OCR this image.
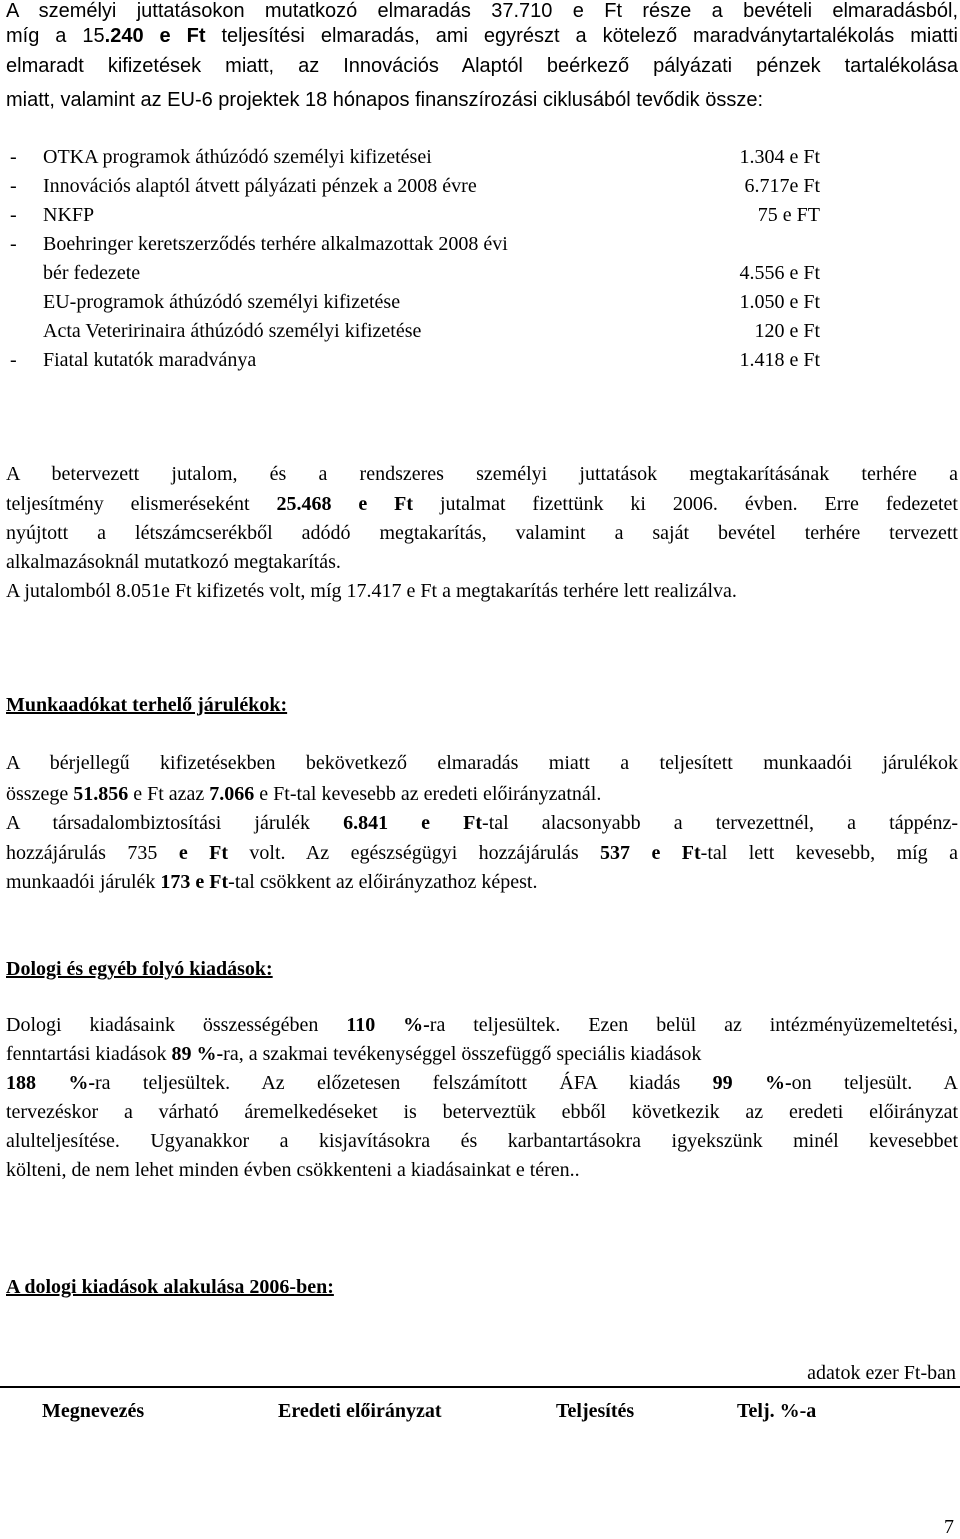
A személyi juttatásokon mutatkozó elmaradás 37.710 e Ft része a bevételi elmaradásból,
míg a 15.240 e Ft teljesítési elmaradás, ami egyrészt a kötelező maradványtartalékolás miatti
elmaradt kifizetések miatt, az Innovációs Alaptól beérkező pályázati pénzek tartalékolása
miatt, valamint az EU-6 projektek 18 hónapos finanszírozási ciklusából tevődik össze:
- OTKA programok áthúzódó személyi kifizetései	1.304 e Ft
- Innovációs alaptól átvett pályázati pénzek a 2008 évre	6.717e Ft
- NKFP	75 e FT
- Boehringer keretszerződés terhére alkalmazottak 2008 évi
bér fedezete	4.556 e Ft
EU-programok áthúzódó személyi kifizetése	1.050 e Ft
Acta Veteririnaira áthúzódó személyi kifizetése	120 e Ft
- Fiatal kutatók maradványa	1.418 e Ft
A betervezett jutalom, és a rendszeres személyi juttatások megtakarításának terhére a
teljesítmény elismeréseként 25.468 e Ft jutalmat fizettünk ki 2006. évben. Erre fedezetet
nyújtott a létszámcserékből adódó megtakarítás, valamint a saját bevétel terhére tervezett
alkalmazásoknál mutatkozó megtakarítás.
A jutalomból 8.051e Ft kifizetés volt, míg 17.417 e Ft a megtakarítás terhére lett realizálva.
Munkaadókat terhelő járulékok:
A bérjellegű kifizetésekben bekövetkező elmaradás miatt a teljesített munkaadói járulékok
összege 51.856 e Ft azaz 7.066 e Ft-tal kevesebb az eredeti előirányzatnál.
A társadalombiztosítási járulék 6.841 e Ft-tal alacsonyabb a tervezettnél, a táppénz-
hozzájárulás 735 e Ft volt. Az egészségügyi hozzájárulás 537 e Ft-tal lett kevesebb, míg a
munkaadói járulék 173 e Ft-tal csökkent az előirányzathoz képest.
Dologi és egyéb folyó kiadások:
Dologi kiadásaink összességében 110 %-ra teljesültek. Ezen belül az intézményüzemeltetési,
fenntartási kiadások 89 %-ra, a szakmai tevékenységgel összefüggő speciális kiadások
188 %-ra teljesültek. Az előzetesen felszámított ÁFA kiadás 99 %-on teljesült. A
tervezéskor a várható áremelkedéseket is beterveztük ebből következik az eredeti előirányzat
alulteljesítése. Ugyanakkor a kisjavításokra és karbantartásokra igyekszünk minél kevesebbet
költeni, de nem lehet minden évben csökkenteni a kiadásainkat e téren..
A dologi kiadások alakulása 2006-ben:
adatok ezer Ft-ban
Megnevezés	Eredeti előirányzat	Teljesítés	Telj. %-a
7
